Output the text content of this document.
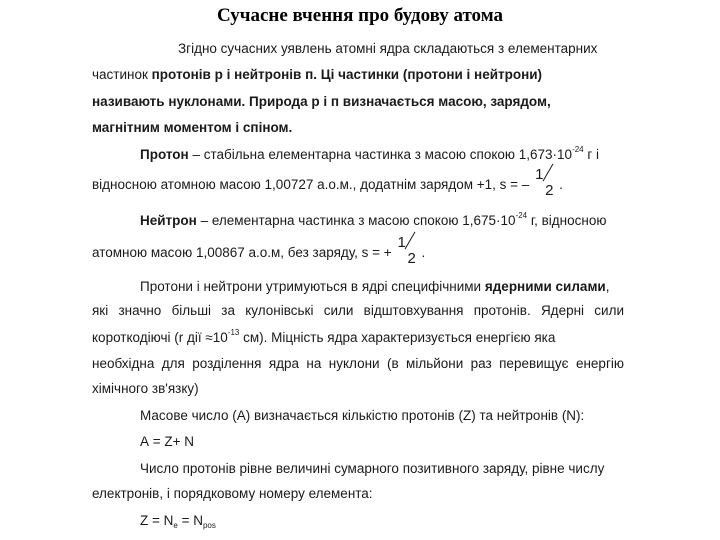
Сучасне вчення про будову атома
Згідно сучасних уявлень атомні ядра складаються з елементарних
частинок протонів р і нейтронів п. Ці частинки (протони і нейтрони)
називають нуклонами. Природа р і п визначається масою, зарядом,
магнітним моментом і спіном.
Протон – стабільна елементарна частинка з масою спокою $1,673\cdot 10^{-24}$ г і
відносною атомною масою 1,00727 а.о.м., додатнім зарядом +1, s = –
1
2 .
Нейтрон – елементарна частинка з масою спокою $1,675\cdot 10^{-24}$ г, відносною
атомною масою 1,00867 а.о.м, без заряду, s = +
1
2 .
Протони і нейтрони утримуються в ядрі специфічними ядерними силами,
які значно більші за кулонівські сили відштовхування протонів. Ядерні сили
короткодіючі (r дії $\approx 10^{-13}$ см). Міцність ядра характеризується енергією яка
необхідна для розділення ядра на нуклони (в мільйони раз перевищує енергію
хімічного зв'язку)
Масове число (А) визначається кількістю протонів (Z) та нейтронів (N):
А = Z+ N
Число протонів рівне величині сумарного позитивного заряду, рівне числу
електронів, і порядковому номеру елемента:
$Z = N_e = N_{pos}$
